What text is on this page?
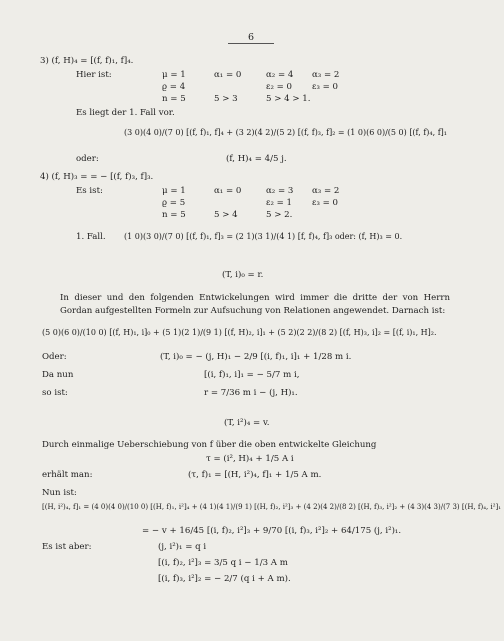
6
3) (f, H)₄ = [(f, f)₁, f]₄.
Hier ist:	μ = 1	α₁ = 0	α₂ = 4 α₃ = 2
ϱ = 4	ε₂ = 0 ε₃ = 0
n = 5	5 > 3	5 > 4 > 1.
Es liegt der 1. Fall vor.
(3 0)(4 0)/(7 0) [(f, f)₁, f]₄ + (3 2)(4 2)/(5 2) [(f, f)₃, f]₂ = (1 0)(6 0)/(5 0) [(f, f)₄, f]₁
oder:	(f, H)₄ = 4/5 j.
4) (f, H)₃ = = − [(f, f)₃, f]₃.
Es ist:	μ = 1	α₁ = 0	α₂ = 3 α₃ = 2
ϱ = 5	ε₂ = 1 ε₃ = 0
n = 5	5 > 4	5 > 2.
1. Fall. (1 0)(3 0)/(7 0) [(f, f)₁, f]₃ = (2 1)(3 1)/(4 1) [f, f)₄, f]₃ oder: (f, H)₃ = 0.
(T, i)₀ = r.
In dieser und den folgenden Entwickelungen wird immer die dritte der von Herrn Gordan aufgestellten Formeln zur Aufsuchung von Relationen angewendet. Darnach ist:
(5 0)(6 0)/(10 0) [(f, H)₁, i]₀ + (5 1)(2 1)/(9 1) [(f, H)₂, i]₁ + (5 2)(2 2)/(8 2) [(f, H)₃, i]₂ = [(f, i)₁, H]₂.
Oder:	(T, i)₀ = − (j, H)₁ − 2/9 [(i, f)₁, i]₁ + 1/28 m i.
Da nun	[(i, f)₁, i]₁ = − 5/7 m i,
so ist:	r = 7/36 m i − (j, H)₁.
(T, i²)₄ = v.
Durch einmalige Ueberschiebung von f über die oben entwickelte Gleichung
τ = (i², H)₄ + 1/5 A i
erhält man:	(τ, f)₁ = [(H, i²)₄, f]₁ + 1/5 A m.
Nun ist:
[(H, i²)₄, f]₁ = (4 0)(4 0)/(10 0) [(H, f)₁, i²]₄ + (4 1)(4 1)/(9 1) [(H, f)₂, i²]₃ + (4 2)(4 2)/(8 2) [(H, f)₃, i²]₂ + (4 3)(4 3)/(7 3) [(H, f)₄, i²]₁
= − v + 16/45 [(i, f)₂, i²]₃ + 9/70 [(i, f)₃, i²]₂ + 64/175 (j, i²)₁.
Es ist aber:	(j, i²)₁ = q i
[(i, f)₂, i²]₃ = 3/5 q i − 1/3 A m
[(i, f)₃, i²]₂ = − 2/7 (q i + A m).
